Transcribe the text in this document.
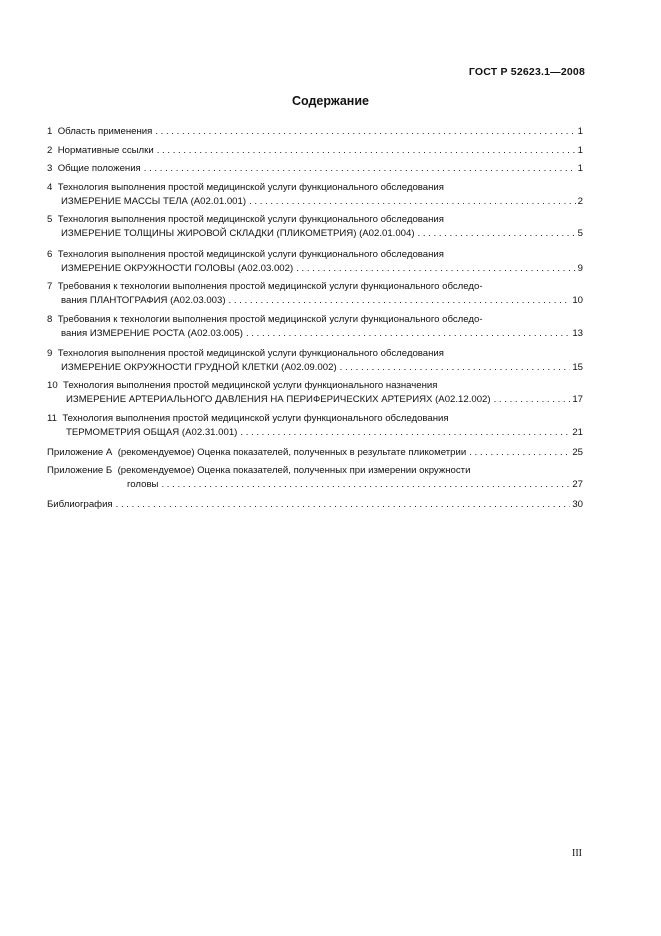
ГОСТ Р 52623.1—2008
Содержание
1 Область применения . . .	1
2 Нормативные ссылки . . .	1
3 Общие положения . . .	1
4 Технология выполнения простой медицинской услуги функционального обследования
ИЗМЕРЕНИЕ МАССЫ ТЕЛА (А02.01.001) . . .	2
5 Технология выполнения простой медицинской услуги функционального обследования
ИЗМЕРЕНИЕ ТОЛЩИНЫ ЖИРОВОЙ СКЛАДКИ (ПЛИКОМЕТРИЯ) (А02.01.004) . . .	5
6 Технология выполнения простой медицинской услуги функционального обследования
ИЗМЕРЕНИЕ ОКРУЖНОСТИ ГОЛОВЫ (А02.03.002) . . .	9
7 Требования к технологии выполнения простой медицинской услуги функционального обследо-
вания ПЛАНТОГРАФИЯ (А02.03.003) . . .	10
8 Требования к технологии выполнения простой медицинской услуги функционального обследо-
вания ИЗМЕРЕНИЕ РОСТА (А02.03.005) . . .	13
9 Технология выполнения простой медицинской услуги функционального обследования
ИЗМЕРЕНИЕ ОКРУЖНОСТИ ГРУДНОЙ КЛЕТКИ (А02.09.002) . . .	15
10 Технология выполнения простой медицинской услуги функционального назначения
ИЗМЕРЕНИЕ АРТЕРИАЛЬНОГО ДАВЛЕНИЯ НА ПЕРИФЕРИЧЕСКИХ АРТЕРИЯХ (А02.12.002) . . .	17
11 Технология выполнения простой медицинской услуги функционального обследования
ТЕРМОМЕТРИЯ ОБЩАЯ (А02.31.001) . . .	21
Приложение А (рекомендуемое) Оценка показателей, полученных в результате пликометрии . . .	25
Приложение Б (рекомендуемое) Оценка показателей, полученных при измерении окружности
головы . . .	27
Библиография . . .	30
III
